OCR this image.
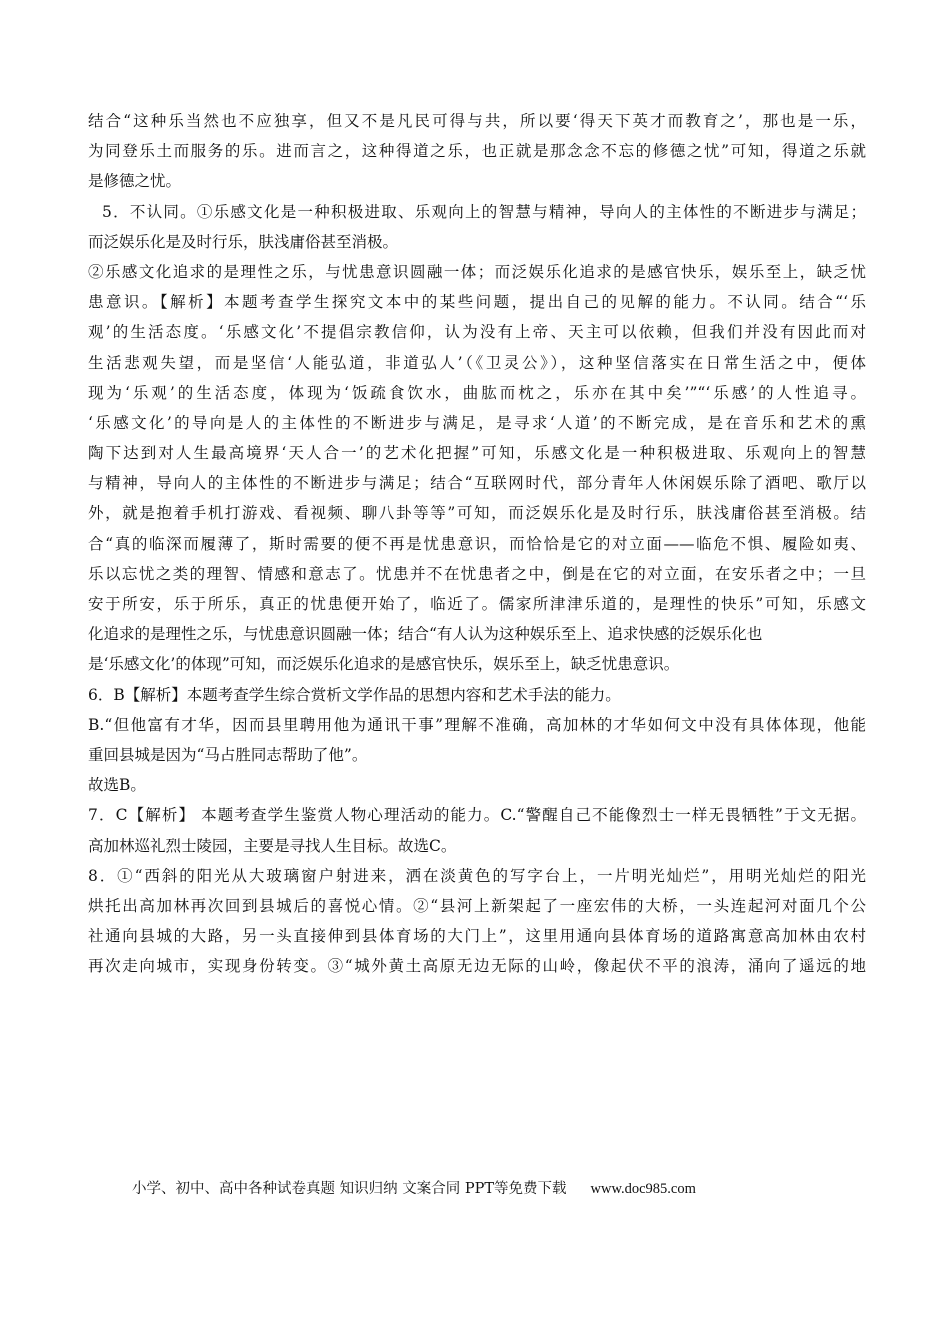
结合“这种乐当然也不应独享，但又不是凡民可得与共，所以要‘得天下英才而教育之’，那也是一乐，
为同登乐土而服务的乐。进而言之，这种得道之乐，也正就是那念念不忘的修德之忧”可知，得道之乐就
是修德之忧。
5．不认同。①乐感文化是一种积极进取、乐观向上的智慧与精神，导向人的主体性的不断进步与满足；
而泛娱乐化是及时行乐，肤浅庸俗甚至消极。
②乐感文化追求的是理性之乐，与忧患意识圆融一体；而泛娱乐化追求的是感官快乐，娱乐至上，缺乏忧
患意识。【解析】本题考查学生探究文本中的某些问题，提出自己的见解的能力。不认同。结合“‘乐
观’的生活态度。‘乐感文化’不提倡宗教信仰，认为没有上帝、天主可以依赖，但我们并没有因此而对
生活悲观失望，而是坚信‘人能弘道，非道弘人’（《卫灵公》），这种坚信落实在日常生活之中，便体
现为‘乐观’的生活态度，体现为‘饭疏食饮水，曲肱而枕之，乐亦在其中矣’”“‘乐感’的人性追寻。
‘乐感文化’的导向是人的主体性的不断进步与满足，是寻求‘人道’的不断完成，是在音乐和艺术的熏
陶下达到对人生最高境界‘天人合一’的艺术化把握”可知，乐感文化是一种积极进取、乐观向上的智慧
与精神，导向人的主体性的不断进步与满足；结合“互联网时代，部分青年人休闲娱乐除了酒吧、歌厅以
外，就是抱着手机打游戏、看视频、聊八卦等等”可知，而泛娱乐化是及时行乐，肤浅庸俗甚至消极。结
合“真的临深而履薄了，斯时需要的便不再是忧患意识，而恰恰是它的对立面——临危不惧、履险如夷、
乐以忘忧之类的理智、情感和意志了。忧患并不在忧患者之中，倒是在它的对立面，在安乐者之中；一旦
安于所安，乐于所乐，真正的忧患便开始了，临近了。儒家所津津乐道的，是理性的快乐”可知，乐感文
化追求的是理性之乐，与忧患意识圆融一体；结合“有人认为这种娱乐至上、追求快感的泛娱乐化也
是‘乐感文化’的体现”可知，而泛娱乐化追求的是感官快乐，娱乐至上，缺乏忧患意识。
6．B【解析】本题考查学生综合赏析文学作品的思想内容和艺术手法的能力。
B.“但他富有才华，因而县里聘用他为通讯干事”理解不准确，高加林的才华如何文中没有具体体现，他能
重回县城是因为“马占胜同志帮助了他”。
故选B。
7．C【解析】 本题考查学生鉴赏人物心理活动的能力。C.“警醒自己不能像烈士一样无畏牺牲”于文无据。
高加林巡礼烈士陵园，主要是寻找人生目标。故选C。
8．①“西斜的阳光从大玻璃窗户射进来，洒在淡黄色的写字台上，一片明光灿烂”，用明光灿烂的阳光
烘托出高加林再次回到县城后的喜悦心情。②“县河上新架起了一座宏伟的大桥，一头连起河对面几个公
社通向县城的大路，另一头直接伸到县体育场的大门上”，这里用通向县体育场的道路寓意高加林由农村
再次走向城市，实现身份转变。③“城外黄土高原无边无际的山岭，像起伏不平的浪涛，涌向了遥远的地
小学、初中、高中各种试卷真题 知识归纳 文案合同 PPT等免费下载 www.doc985.com
